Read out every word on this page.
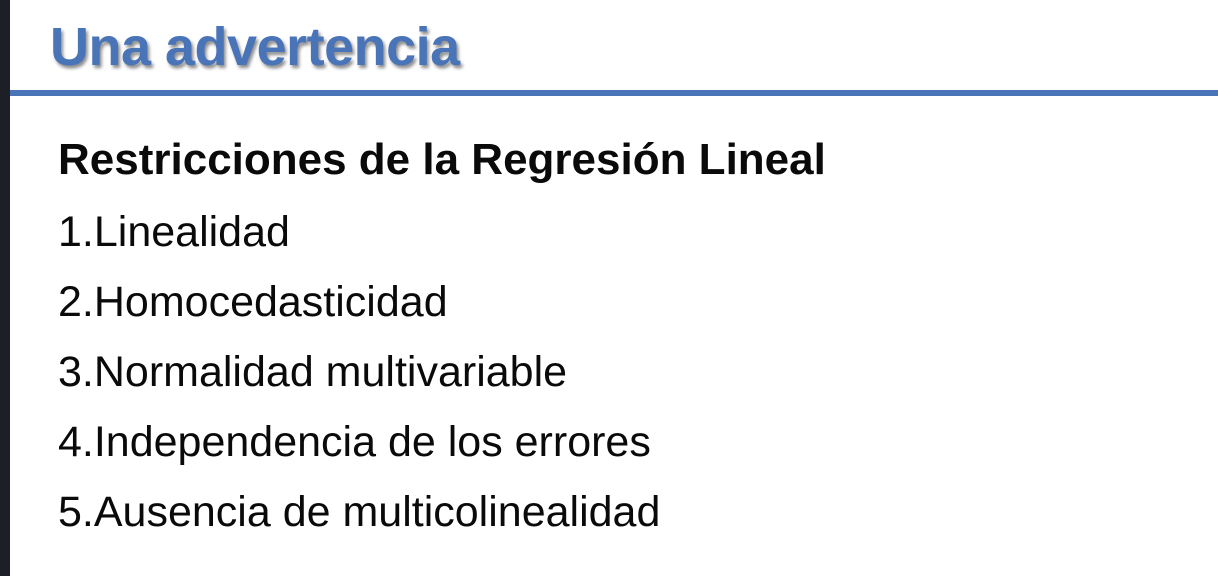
Una advertencia
Restricciones de la Regresión Lineal
1.Linealidad
2.Homocedasticidad
3.Normalidad multivariable
4.Independencia de los errores
5.Ausencia de multicolinealidad
